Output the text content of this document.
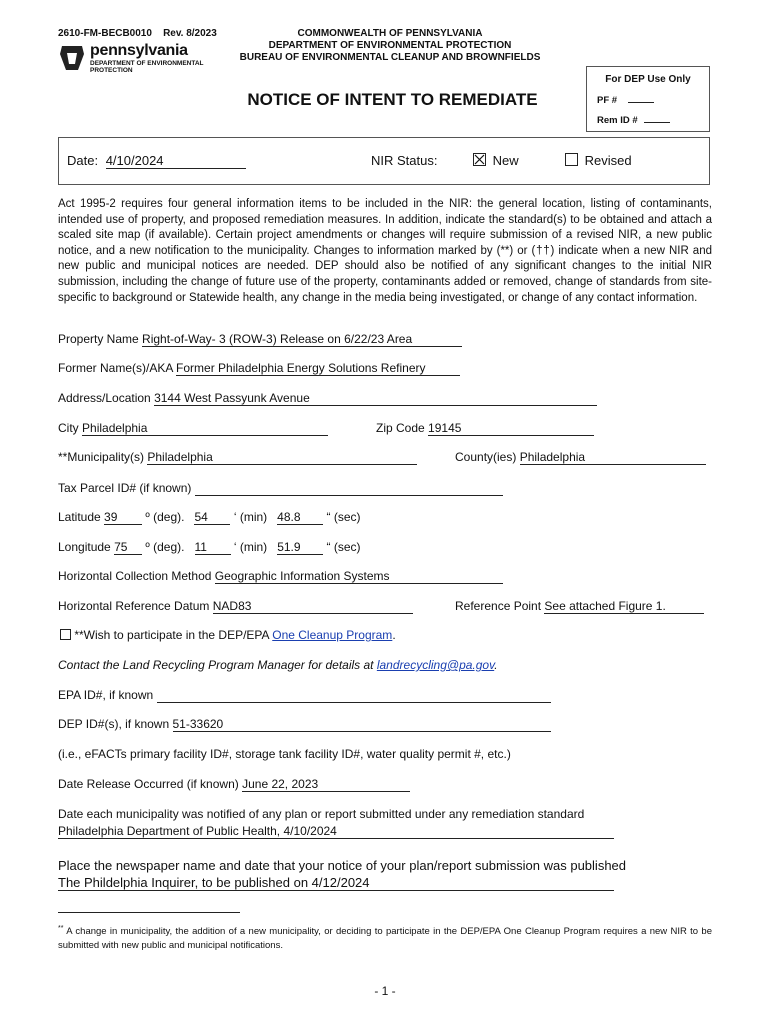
2610-FM-BECB0010 Rev. 8/2023
pennsylvania
DEPARTMENT OF ENVIRONMENTAL
PROTECTION
COMMONWEALTH OF PENNSYLVANIA
DEPARTMENT OF ENVIRONMENTAL PROTECTION
BUREAU OF ENVIRONMENTAL CLEANUP AND BROWNFIELDS
For DEP Use Only
PF #
Rem ID #
NOTICE OF INTENT TO REMEDIATE
Date: 4/10/2024	NIR Status:	New	Revised
Act 1995-2 requires four general information items to be included in the NIR: the general location, listing of contaminants, intended use of property, and proposed remediation measures. In addition, indicate the standard(s) to be obtained and attach a scaled site map (if available). Certain project amendments or changes will require submission of a revised NIR, a new public notice, and a new notification to the municipality. Changes to information marked by (**) or (††) indicate when a new NIR and new public and municipal notices are needed. DEP should also be notified of any significant changes to the initial NIR submission, including the change of future use of the property, contaminants added or removed, change of standards from site-specific to background or Statewide health, any change in the media being investigated, or change of any contact information.
Property Name Right-of-Way- 3 (ROW-3) Release on 6/22/23 Area
Former Name(s)/AKA Former Philadelphia Energy Solutions Refinery
Address/Location 3144 West Passyunk Avenue
City Philadelphia	Zip Code 19145
**Municipality(s) Philadelphia	County(ies) Philadelphia
Tax Parcel ID# (if known)
Latitude 39 º (deg). 54 ‘ (min) 48.8 “ (sec)
Longitude 75 º (deg). 11 ‘ (min) 51.9 “ (sec)
Horizontal Collection Method Geographic Information Systems
Horizontal Reference Datum NAD83	Reference Point See attached Figure 1.
**Wish to participate in the DEP/EPA One Cleanup Program.
Contact the Land Recycling Program Manager for details at landrecycling@pa.gov.
EPA ID#, if known
DEP ID#(s), if known 51-33620
(i.e., eFACTs primary facility ID#, storage tank facility ID#, water quality permit #, etc.)
Date Release Occurred (if known) June 22, 2023
Date each municipality was notified of any plan or report submitted under any remediation standard
Philadelphia Department of Public Health, 4/10/2024
Place the newspaper name and date that your notice of your plan/report submission was published
The Phildelphia Inquirer, to be published on 4/12/2024
** A change in municipality, the addition of a new municipality, or deciding to participate in the DEP/EPA One Cleanup Program requires a new NIR to be submitted with new public and municipal notifications.
- 1 -
